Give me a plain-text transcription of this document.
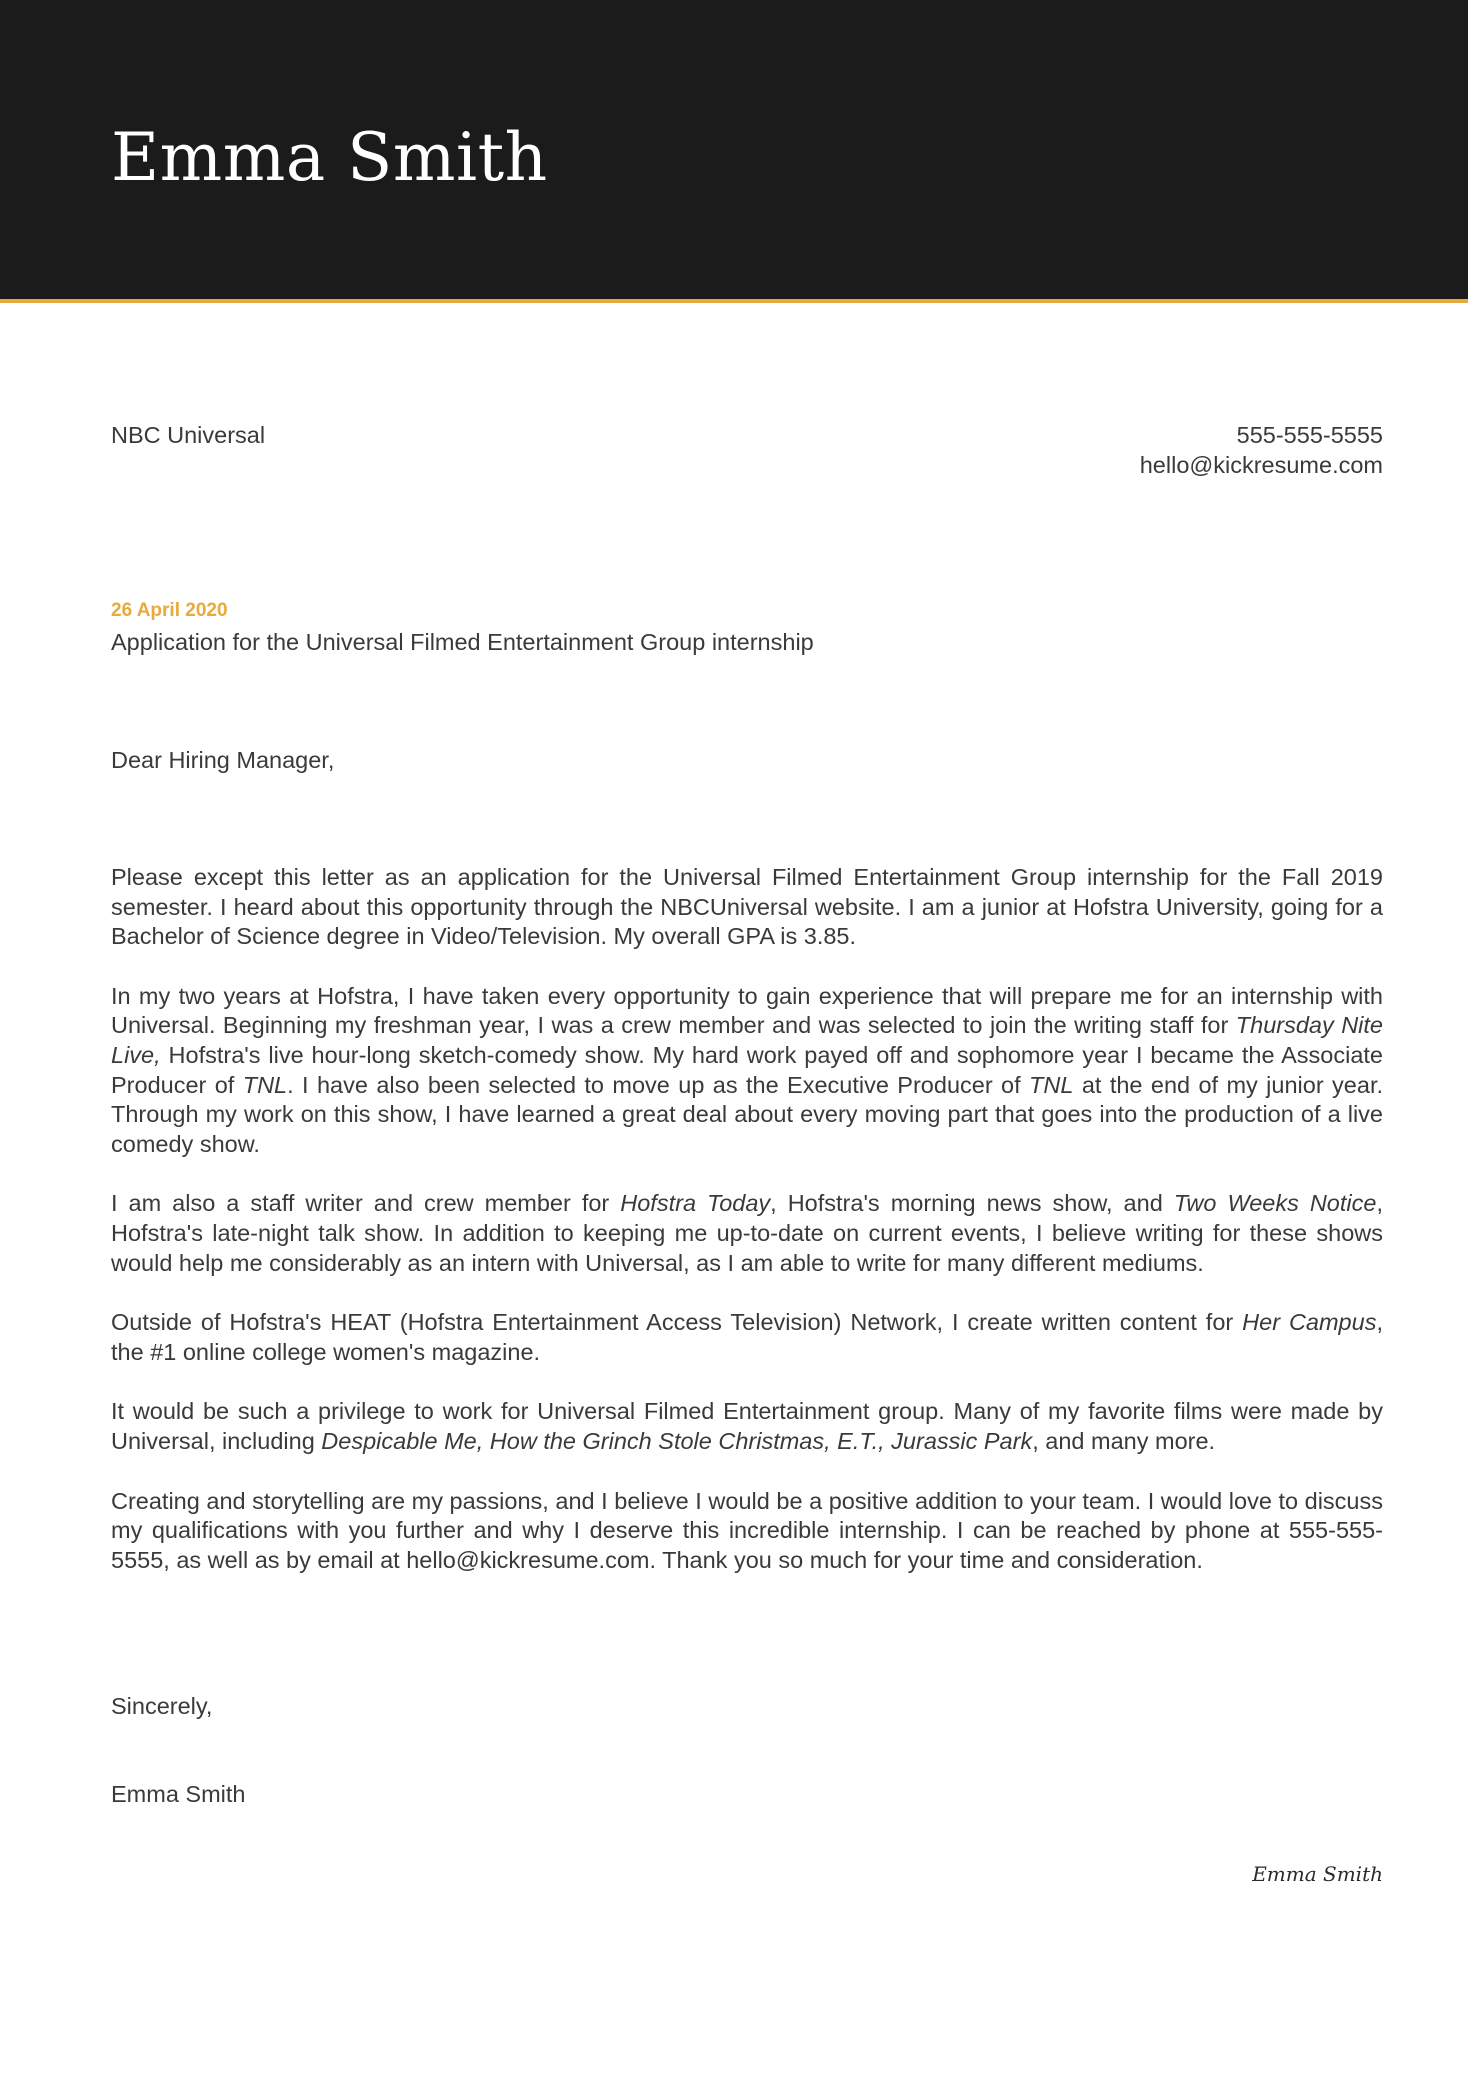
Emma Smith
NBC Universal	555-555-5555
hello@kickresume.com
26 April 2020
Application for the Universal Filmed Entertainment Group internship
Dear Hiring Manager,

Please except this letter as an application for the Universal Filmed Entertainment Group internship for the Fall 2019 semester. I heard about this opportunity through the NBCUniversal website. I am a junior at Hofstra University, going for a Bachelor of Science degree in Video/Television. My overall GPA is 3.85.

In my two years at Hofstra, I have taken every opportunity to gain experience that will prepare me for an internship with Universal. Beginning my freshman year, I was a crew member and was selected to join the writing staff for Thursday Nite Live, Hofstra's live hour-long sketch-comedy show. My hard work payed off and sophomore year I became the Associate Producer of TNL. I have also been selected to move up as the Executive Producer of TNL at the end of my junior year. Through my work on this show, I have learned a great deal about every moving part that goes into the production of a live comedy show.

I am also a staff writer and crew member for Hofstra Today, Hofstra's morning news show, and Two Weeks Notice, Hofstra's late-night talk show. In addition to keeping me up-to-date on current events, I believe writing for these shows would help me considerably as an intern with Universal, as I am able to write for many different mediums.

Outside of Hofstra's HEAT (Hofstra Entertainment Access Television) Network, I create written content for Her Campus, the #1 online college women's magazine.

It would be such a privilege to work for Universal Filmed Entertainment group. Many of my favorite films were made by Universal, including Despicable Me, How the Grinch Stole Christmas, E.T., Jurassic Park, and many more.

Creating and storytelling are my passions, and I believe I would be a positive addition to your team. I would love to discuss my qualifications with you further and why I deserve this incredible internship. I can be reached by phone at 555-555-5555, as well as by email at hello@kickresume.com. Thank you so much for your time and consideration.

Sincerely,
Emma Smith
Emma Smith
